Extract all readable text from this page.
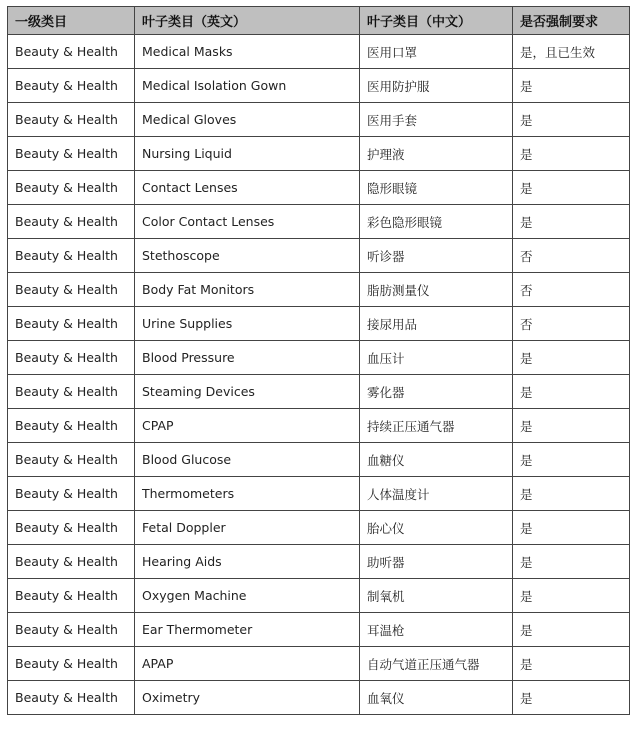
一级类目	叶子类目（英文）	叶子类目（中文）	是否强制要求
Beauty & Health	Medical Masks	医用口罩	是，且已生效
Beauty & Health	Medical Isolation Gown	医用防护服	是
Beauty & Health	Medical Gloves	医用手套	是
Beauty & Health	Nursing Liquid	护理液	是
Beauty & Health	Contact Lenses	隐形眼镜	是
Beauty & Health	Color Contact Lenses	彩色隐形眼镜	是
Beauty & Health	Stethoscope	听诊器	否
Beauty & Health	Body Fat Monitors	脂肪测量仪	否
Beauty & Health	Urine Supplies	接尿用品	否
Beauty & Health	Blood Pressure	血压计	是
Beauty & Health	Steaming Devices	雾化器	是
Beauty & Health	CPAP	持续正压通气器	是
Beauty & Health	Blood Glucose	血糖仪	是
Beauty & Health	Thermometers	人体温度计	是
Beauty & Health	Fetal Doppler	胎心仪	是
Beauty & Health	Hearing Aids	助听器	是
Beauty & Health	Oxygen Machine	制氧机	是
Beauty & Health	Ear Thermometer	耳温枪	是
Beauty & Health	APAP	自动气道正压通气器	是
Beauty & Health	Oximetry	血氧仪	是
